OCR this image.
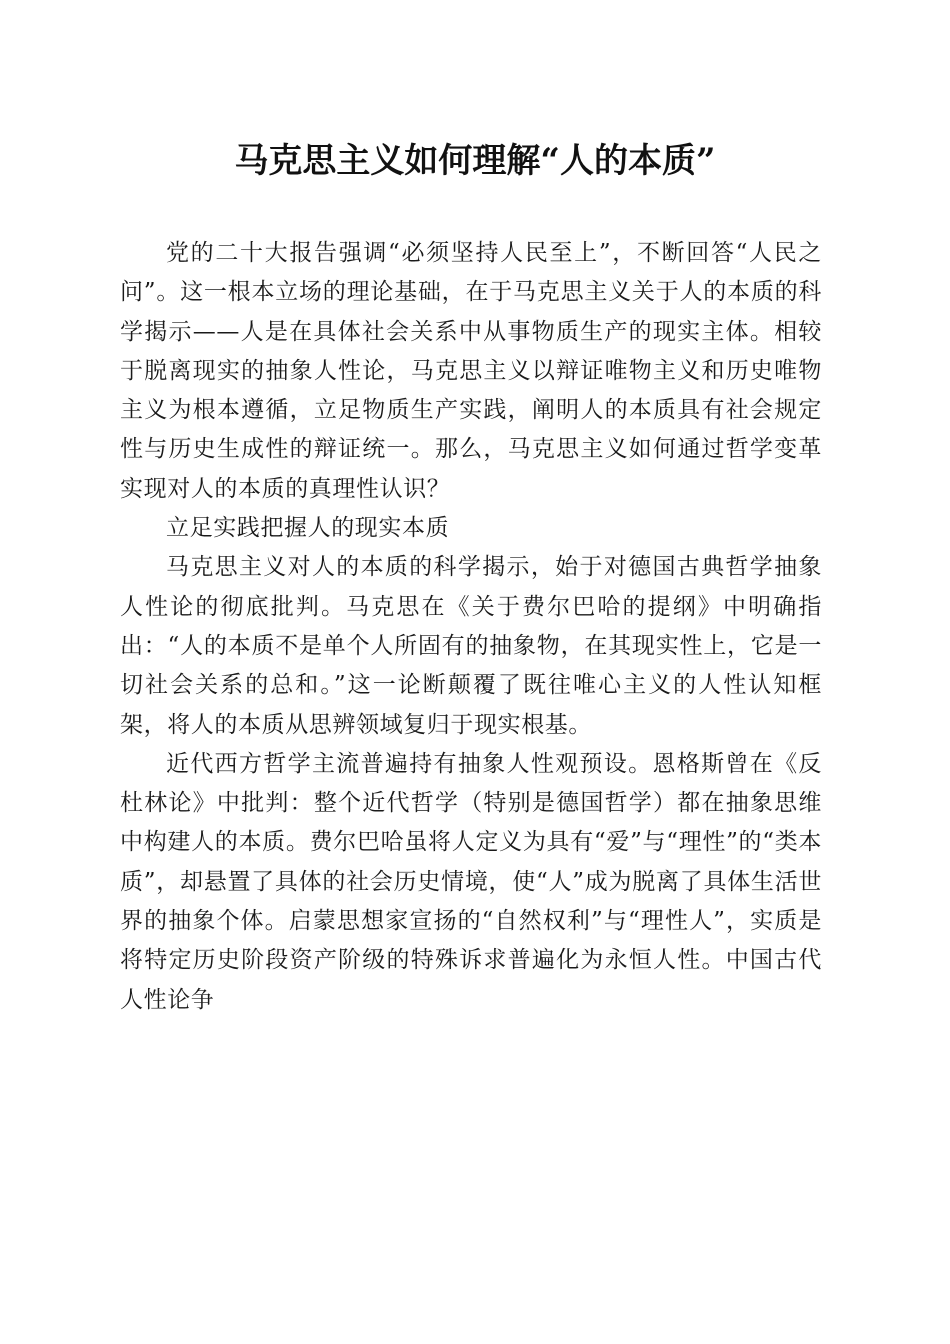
马克思主义如何理解“人的本质”

党的二十大报告强调“必须坚持人民至上”，不断回答“人民之问”。这一根本立场的理论基础，在于马克思主义关于人的本质的科学揭示——人是在具体社会关系中从事物质生产的现实主体。相较于脱离现实的抽象人性论，马克思主义以辩证唯物主义和历史唯物主义为根本遵循，立足物质生产实践，阐明人的本质具有社会规定性与历史生成性的辩证统一。那么，马克思主义如何通过哲学变革实现对人的本质的真理性认识？

立足实践把握人的现实本质

马克思主义对人的本质的科学揭示，始于对德国古典哲学抽象人性论的彻底批判。马克思在《关于费尔巴哈的提纲》中明确指出：“人的本质不是单个人所固有的抽象物，在其现实性上，它是一切社会关系的总和。”这一论断颠覆了既往唯心主义的人性认知框架，将人的本质从思辨领域复归于现实根基。

近代西方哲学主流普遍持有抽象人性观预设。恩格斯曾在《反杜林论》中批判：整个近代哲学（特别是德国哲学）都在抽象思维中构建人的本质。费尔巴哈虽将人定义为具有“爱”与“理性”的“类本质”，却悬置了具体的社会历史情境，使“人”成为脱离了具体生活世界的抽象个体。启蒙思想家宣扬的“自然权利”与“理性人”，实质是将特定历史阶段资产阶级的特殊诉求普遍化为永恒人性。中国古代人性论争
